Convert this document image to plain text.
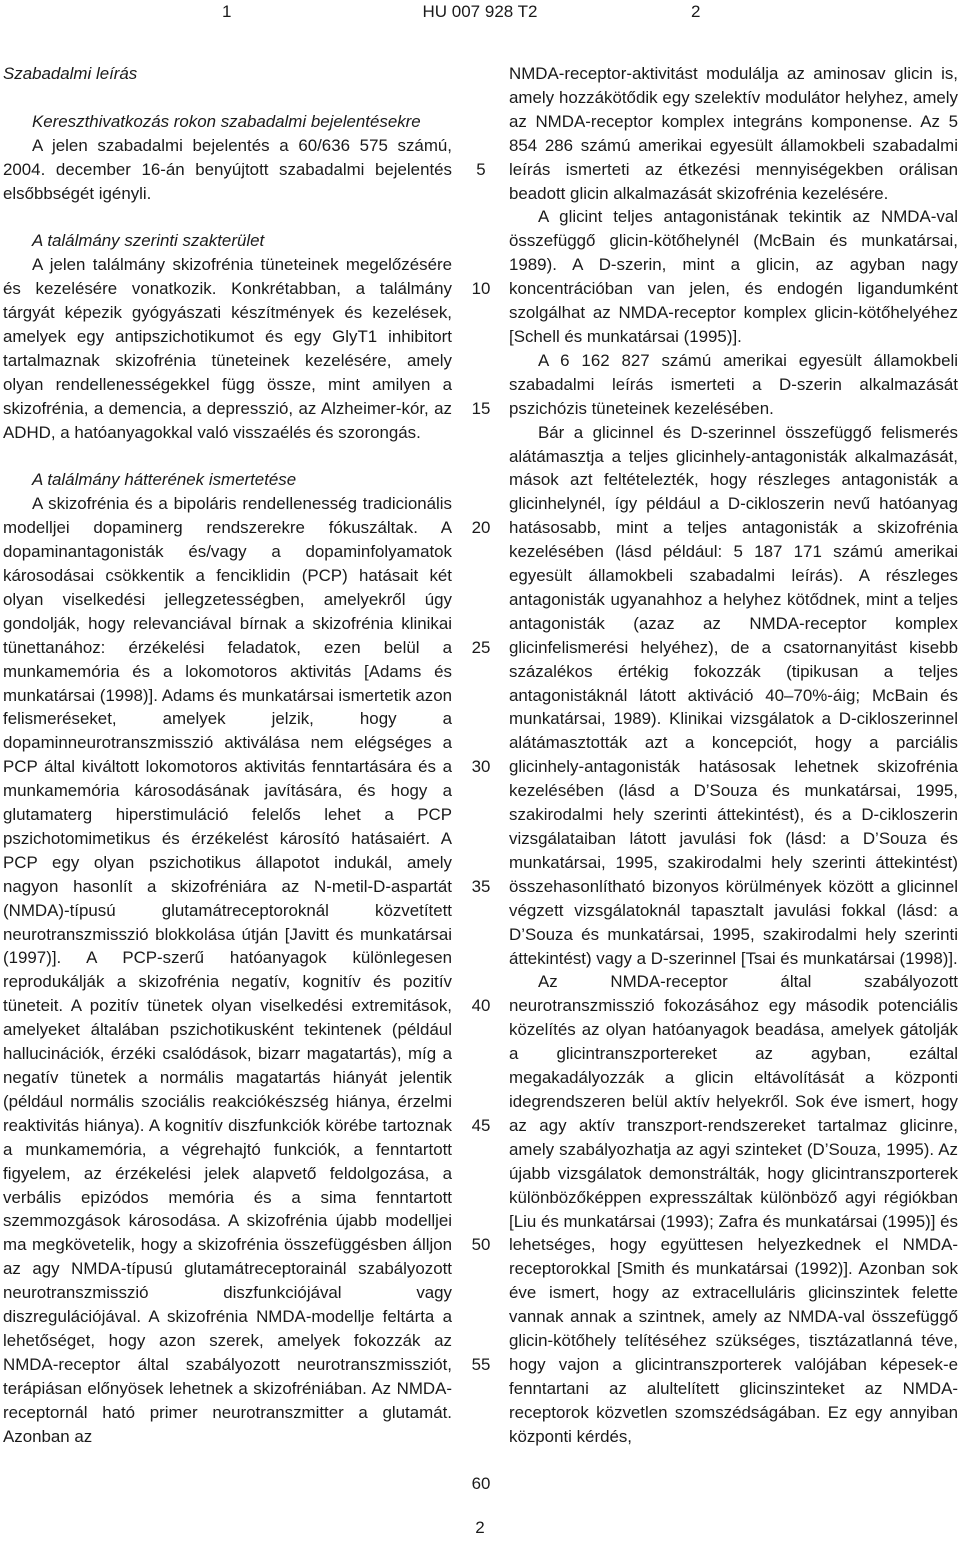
1	HU 007 928 T2	2
Szabadalmi leírás
Kereszthivatkozás rokon szabadalmi bejelentésekre

A jelen szabadalmi bejelentés a 60/636 575 számú, 2004. december 16-án benyújtott szabadalmi bejelentés elsőbbségét igényli.

A találmány szerinti szakterület

A jelen találmány skizofrénia tüneteinek megelőzésére és kezelésére vonatkozik. Konkrétabban, a találmány tárgyát képezik gyógyászati készítmények és kezelések, amelyek egy antipszichotikumot és egy GlyT1 inhibitort tartalmaznak skizofrénia tüneteinek kezelésére, amely olyan rendellenességekkel függ össze, mint amilyen a skizofrénia, a demencia, a depresszió, az Alzheimer-kór, az ADHD, a hatóanyagokkal való visszaélés és szorongás.

A találmány hátterének ismertetése

A skizofrénia és a bipoláris rendellenesség tradicionális modelljei dopaminerg rendszerekre fókuszáltak. A dopaminantagonisták és/vagy a dopaminfolyamatok károsodásai csökkentik a fenciklidin (PCP) hatásait két olyan viselkedési jellegzetességben, amelyekről úgy gondolják, hogy relevanciával bírnak a skizofrénia klinikai tünettanához: érzékelési feladatok, ezen belül a munkamemória és a lokomotoros aktivitás [Adams és munkatársai (1998)]. Adams és munkatársai ismertetik azon felismeréseket, amelyek jelzik, hogy a dopaminneurotranszmisszió aktiválása nem elégséges a PCP által kiváltott lokomotoros aktivitás fenntartására és a munkamemória károsodásának javítására, és hogy a glutamaterg hiperstimuláció felelős lehet a PCP pszichotomimetikus és érzékelést károsító hatásaiért. A PCP egy olyan pszichotikus állapotot indukál, amely nagyon hasonlít a skizofréniára az N-metil-D-aspartát (NMDA)-típusú glutamátreceptoroknál közvetített neurotranszmisszió blokkolása útján [Javitt és munkatársai (1997)]. A PCP-szerű hatóanyagok különlegesen reprodukálják a skizofrénia negatív, kognitív és pozitív tüneteit. A pozitív tünetek olyan viselkedési extremitások, amelyeket általában pszichotikusként tekintenek (például hallucinációk, érzéki csalódások, bizarr magatartás), míg a negatív tünetek a normális magatartás hiányát jelentik (például normális szociális reakciókészség hiánya, érzelmi reaktivitás hiánya). A kognitív diszfunkciók körébe tartoznak a munkamemória, a végrehajtó funkciók, a fenntartott figyelem, az érzékelési jelek alapvető feldolgozása, a verbális epizódos memória és a sima fenntartott szemmozgások károsodása. A skizofrénia újabb modelljei ma megkövetelik, hogy a skizofrénia összefüggésben álljon az agy NMDA-típusú glutamátreceptorainál szabályozott neurotranszmisszió diszfunkciójával vagy diszregulációjával. A skizofrénia NMDA-modellje feltárta a lehetőséget, hogy azon szerek, amelyek fokozzák az NMDA-receptor által szabályozott neurotranszmissziót, terápiásan előnyösek lehetnek a skizofréniában. Az NMDA-receptornál ható primer neurotranszmitter a glutamát. Azonban az

5
10
15
20
25
30
35
40
45
50
55
60

NMDA-receptor-aktivitást modulálja az aminosav glicin is, amely hozzákötődik egy szelektív modulátor helyhez, amely az NMDA-receptor komplex integráns komponense. Az 5 854 286 számú amerikai egyesült államokbeli szabadalmi leírás ismerteti az étkezési mennyiségekben orálisan beadott glicin alkalmazását skizofrénia kezelésére.

A glicint teljes antagonistának tekintik az NMDA-val összefüggő glicin-kötőhelynél (McBain és munkatársai, 1989). A D-szerin, mint a glicin, az agyban nagy koncentrációban van jelen, és endogén ligandumként szolgálhat az NMDA-receptor komplex glicin-kötőhelyéhez [Schell és munkatársai (1995)].

A 6 162 827 számú amerikai egyesült államokbeli szabadalmi leírás ismerteti a D-szerin alkalmazását pszichózis tüneteinek kezelésében.

Bár a glicinnel és D-szerinnel összefüggő felismerés alátámasztja a teljes glicinhely-antagonisták alkalmazását, mások azt feltételezték, hogy részleges antagonisták a glicinhelynél, így például a D-cikloszerin nevű hatóanyag hatásosabb, mint a teljes antagonisták a skizofrénia kezelésében (lásd például: 5 187 171 számú amerikai egyesült államokbeli szabadalmi leírás). A részleges antagonisták ugyanahhoz a helyhez kötődnek, mint a teljes antagonisták (azaz az NMDA-receptor komplex glicinfelismerési helyéhez), de a csatornanyitást kisebb százalékos értékig fokozzák (tipikusan a teljes antagonistáknál látott aktiváció 40–70%-áig; McBain és munkatársai, 1989). Klinikai vizsgálatok a D-cikloszerinnel alátámasztották azt a koncepciót, hogy a parciális glicinhely-antagonisták hatásosak lehetnek skizofrénia kezelésében (lásd a D’Souza és munkatársai, 1995, szakirodalmi hely szerinti áttekintést), és a D-cikloszerin vizsgálataiban látott javulási fok (lásd: a D’Souza és munkatársai, 1995, szakirodalmi hely szerinti áttekintést) összehasonlítható bizonyos körülmények között a glicinnel végzett vizsgálatoknál tapasztalt javulási fokkal (lásd: a D’Souza és munkatársai, 1995, szakirodalmi hely szerinti áttekintést) vagy a D-szerinnel [Tsai és munkatársai (1998)].

Az NMDA-receptor által szabályozott neurotranszmisszió fokozásához egy második potenciális közelítés az olyan hatóanyagok beadása, amelyek gátolják a glicintranszportereket az agyban, ezáltal megakadályozzák a glicin eltávolítását a központi idegrendszeren belül aktív helyekről. Sok éve ismert, hogy az agy aktív transzport-rendszereket tartalmaz glicinre, amely szabályozhatja az agyi szinteket (D’Souza, 1995). Az újabb vizsgálatok demonstrálták, hogy glicintranszporterek különbözőképpen expresszáltak különböző agyi régiókban [Liu és munkatársai (1993); Zafra és munkatársai (1995)] és lehetséges, hogy együttesen helyezkednek el NMDA-receptorokkal [Smith és munkatársai (1992)]. Azonban sok éve ismert, hogy az extracelluláris glicinszintek felette vannak annak a szintnek, amely az NMDA-val összefüggő glicin-kötőhely telítéséhez szükséges, tisztázatlanná téve, hogy vajon a glicintranszporterek valójában képesek-e fenntartani az alultelített glicinszinteket az NMDA-receptorok közvetlen szomszédságában. Ez egy annyiban központi kérdés,

2
